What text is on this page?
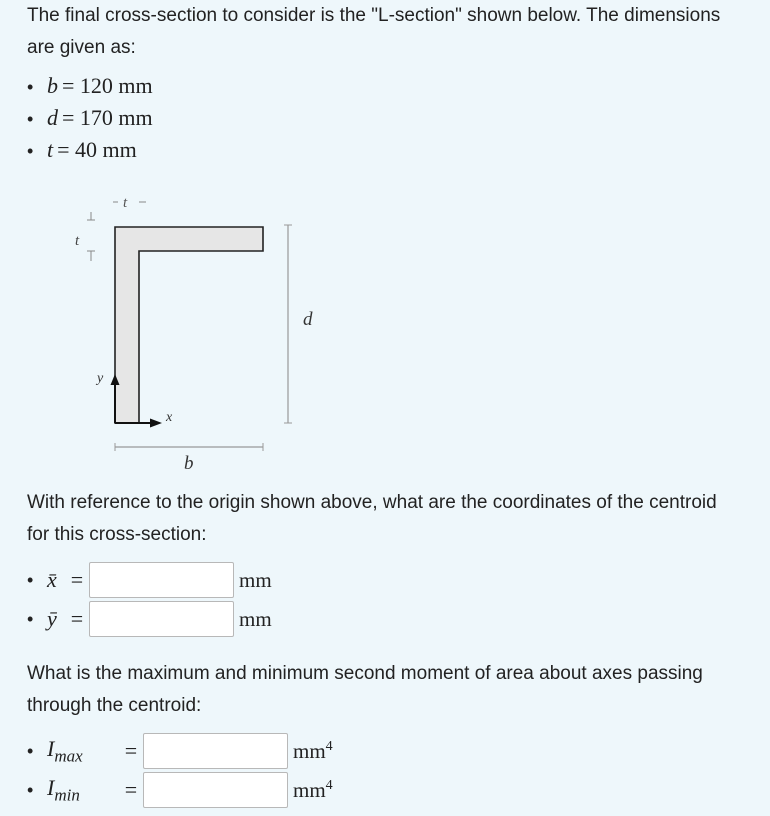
The final cross-section to consider is the "L-section" shown below. The dimensions
are given as:

• b = 120 mm
• d = 170 mm
• t = 40 mm
t
t
d
b
y
x

With reference to the origin shown above, what are the coordinates of the centroid
for this cross-section:

• x̄ =	mm
• ȳ =	mm

What is the maximum and minimum second moment of area about axes passing
through the centroid:

• $I_{max}$	=	$mm^4$
• $I_{min}$	=	$mm^4$
